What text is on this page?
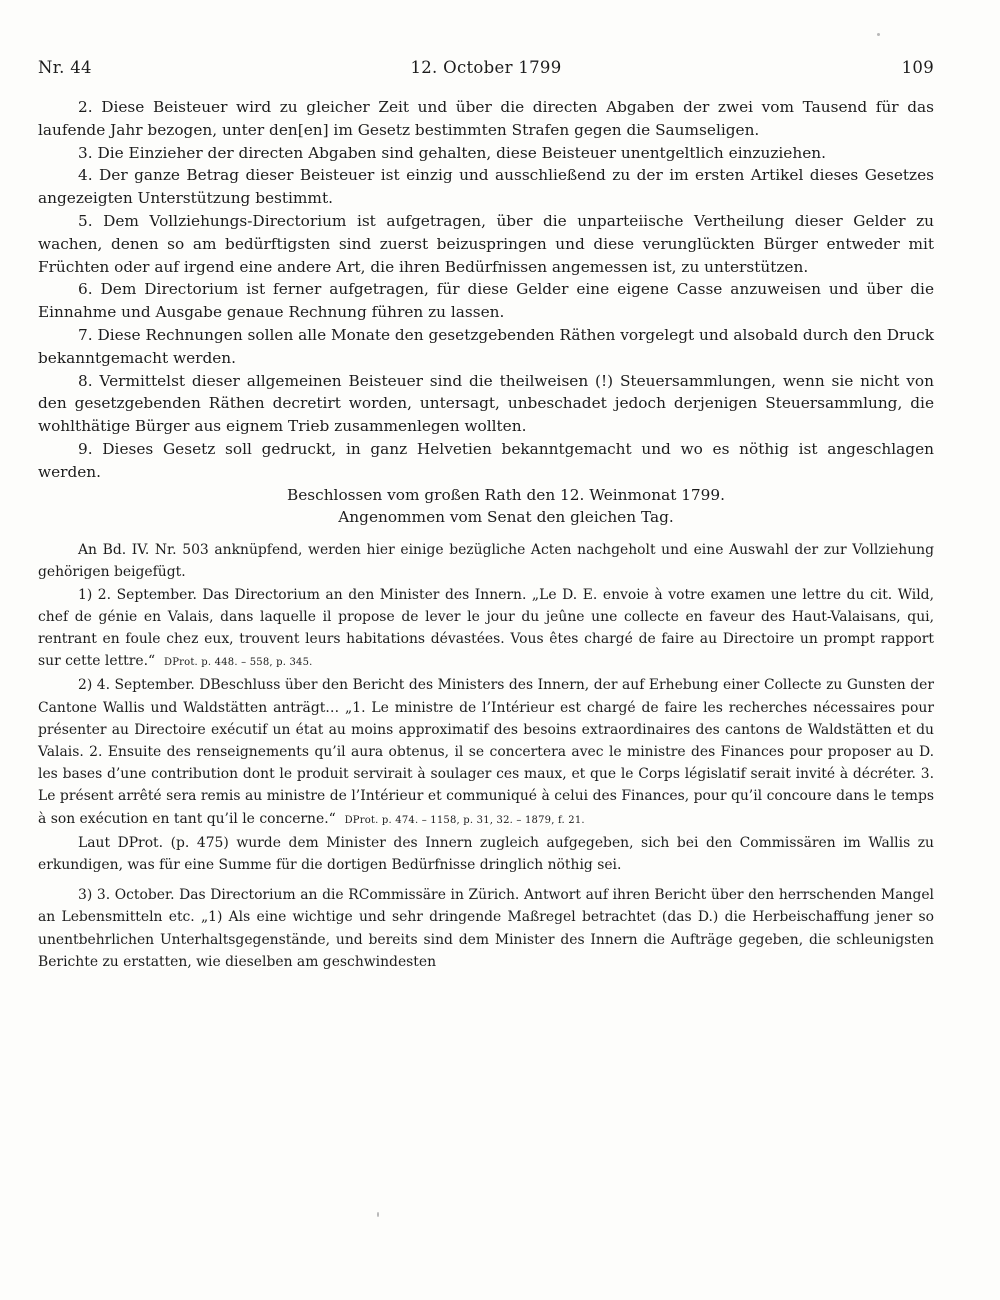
Nr. 44	12. October 1799	109

2. Diese Beisteuer wird zu gleicher Zeit und über die directen Abgaben der zwei vom Tausend für das laufende Jahr bezogen, unter den[en] im Gesetz bestimmten Strafen gegen die Saumseligen.

3. Die Einzieher der directen Abgaben sind gehalten, diese Beisteuer unentgeltlich einzuziehen.

4. Der ganze Betrag dieser Beisteuer ist einzig und ausschließend zu der im ersten Artikel dieses Gesetzes angezeigten Unterstützung bestimmt.

5. Dem Vollziehungs-Directorium ist aufgetragen, über die unparteiische Vertheilung dieser Gelder zu wachen, denen so am bedürftigsten sind zuerst beizuspringen und diese verunglückten Bürger entweder mit Früchten oder auf irgend eine andere Art, die ihren Bedürfnissen angemessen ist, zu unterstützen.

6. Dem Directorium ist ferner aufgetragen, für diese Gelder eine eigene Casse anzuweisen und über die Einnahme und Ausgabe genaue Rechnung führen zu lassen.

7. Diese Rechnungen sollen alle Monate den gesetzgebenden Räthen vorgelegt und alsobald durch den Druck bekanntgemacht werden.

8. Vermittelst dieser allgemeinen Beisteuer sind die theilweisen (!) Steuersammlungen, wenn sie nicht von den gesetzgebenden Räthen decretirt worden, untersagt, unbeschadet jedoch derjenigen Steuersammlung, die wohlthätige Bürger aus eignem Trieb zusammenlegen wollten.

9. Dieses Gesetz soll gedruckt, in ganz Helvetien bekanntgemacht und wo es nöthig ist angeschlagen werden.

Beschlossen vom großen Rath den 12. Weinmonat 1799.

Angenommen vom Senat den gleichen Tag.

An Bd. IV. Nr. 503 anknüpfend, werden hier einige bezügliche Acten nachgeholt und eine Auswahl der zur Vollziehung gehörigen beigefügt.

1) 2. September. Das Directorium an den Minister des Innern. „Le D. E. envoie à votre examen une lettre du cit. Wild, chef de génie en Valais, dans laquelle il propose de lever le jour du jeûne une collecte en faveur des Haut-Valaisans, qui, rentrant en foule chez eux, trouvent leurs habitations dévastées. Vous êtes chargé de faire au Directoire un prompt rapport sur cette lettre.“ DProt. p. 448. – 558, p. 345.

2) 4. September. DBeschluss über den Bericht des Ministers des Innern, der auf Erhebung einer Collecte zu Gunsten der Cantone Wallis und Waldstätten anträgt… „1. Le ministre de l’Intérieur est chargé de faire les recherches nécessaires pour présenter au Directoire exécutif un état au moins approximatif des besoins extraordinaires des cantons de Waldstätten et du Valais. 2. Ensuite des renseignements qu’il aura obtenus, il se concertera avec le ministre des Finances pour proposer au D. les bases d’une contribution dont le produit servirait à soulager ces maux, et que le Corps législatif serait invité à décréter. 3. Le présent arrêté sera remis au ministre de l’Intérieur et communiqué à celui des Finances, pour qu’il concoure dans le temps à son exécution en tant qu’il le concerne.“ DProt. p. 474. – 1158, p. 31, 32. – 1879, f. 21.

Laut DProt. (p. 475) wurde dem Minister des Innern zugleich aufgegeben, sich bei den Commissären im Wallis zu erkundigen, was für eine Summe für die dortigen Bedürfnisse dringlich nöthig sei.

3) 3. October. Das Directorium an die RCommissäre in Zürich. Antwort auf ihren Bericht über den herrschenden Mangel an Lebensmitteln etc. „1) Als eine wichtige und sehr dringende Maßregel betrachtet (das D.) die Herbeischaffung jener so unentbehrlichen Unterhaltsgegenstände, und bereits sind dem Minister des Innern die Aufträge gegeben, die schleunigsten Berichte zu erstatten, wie dieselben am geschwindesten
